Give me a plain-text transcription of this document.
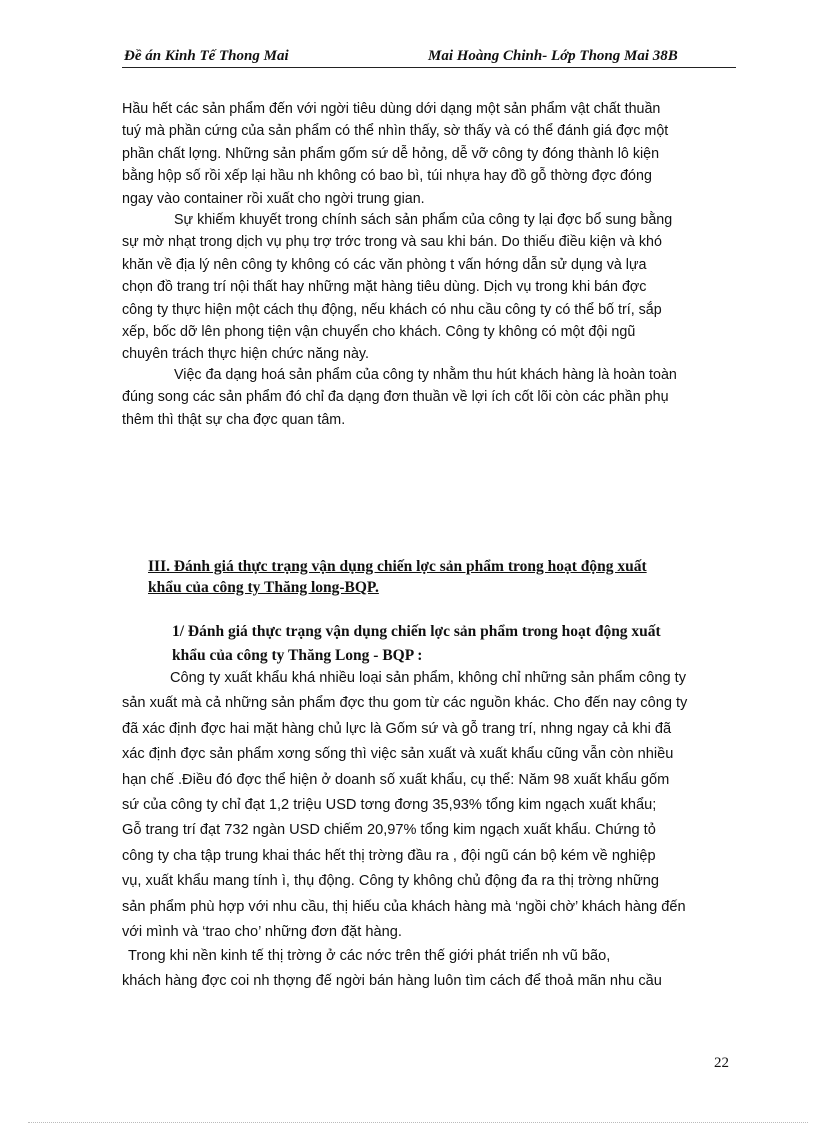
Đề án Kinh Tế Thong Mai	Mai Hoàng Chinh- Lớp Thong Mai 38B
Hầu hết các sản phẩm đến với ngời tiêu dùng dới dạng một sản phẩm vật chất thuần
tuý mà phần cứng của sản phẩm có thể nhìn thấy, sờ thấy và có thể đánh giá đợc một
phần chất lợng. Những sản phẩm gốm sứ dễ hỏng, dễ vỡ công ty đóng thành lô kiện
bằng hộp số rồi xếp lại hầu nh không có bao bì, túi nhựa hay đồ gỗ thờng đợc đóng
ngay vào container rồi xuất cho ngời trung gian.
Sự khiếm khuyết trong chính sách sản phẩm của công ty lại đợc bổ sung bằng
sự mờ nhạt trong dịch vụ phụ trợ trớc trong và sau khi bán. Do thiếu điều kiện và khó
khăn về địa lý nên công ty không có các văn phòng t vấn hớng dẫn sử dụng và lựa
chọn đồ trang trí nội thất hay những mặt hàng tiêu dùng. Dịch vụ trong khi bán đợc
công ty thực hiện một cách thụ động, nếu khách có nhu cầu công ty có thể bố trí, sắp
xếp, bốc dỡ lên phong tiện vận chuyển cho khách. Công ty không có một đội ngũ
chuyên trách thực hiện chức năng này.
Việc đa dạng hoá sản phẩm của công ty nhằm thu hút khách hàng là hoàn toàn
đúng song các sản phẩm đó chỉ đa dạng đơn thuần về lợi ích cốt lõi còn các phần phụ
thêm thì thật sự cha đợc quan tâm.
III. Đánh giá thực trạng vận dụng chiến lợc sản phẩm trong hoạt động xuất
khẩu của công ty Thăng long-BQP.
1/ Đánh giá thực trạng vận dụng chiến lợc sản phẩm trong hoạt động xuất
khẩu của công ty Thăng Long - BQP :
Công ty xuất khẩu khá nhiều loại sản phẩm, không chỉ những sản phẩm công ty
sản xuất mà cả những sản phẩm đợc thu gom từ các nguồn khác. Cho đến nay công ty
đã xác định đợc hai mặt hàng chủ lực là Gốm sứ và gỗ trang trí, nhng ngay cả khi đã
xác định đợc sản phẩm xơng sống thì việc sản xuất và xuất khẩu cũng vẫn còn nhiều
hạn chế .Điều đó đợc thể hiện ở doanh số xuất khẩu, cụ thể: Năm 98 xuất khẩu gốm
sứ của công ty chỉ đạt 1,2 triệu USD tơng đơng 35,93% tổng kim ngạch xuất khẩu;
Gỗ trang trí đạt 732 ngàn USD chiếm 20,97% tổng kim ngạch xuất khẩu. Chứng tỏ
công ty cha tập trung khai thác hết thị trờng đầu ra , đội ngũ cán bộ kém về nghiệp
vụ, xuất khẩu mang tính ì, thụ động. Công ty không chủ động đa ra thị trờng những
sản phẩm phù hợp với nhu cầu, thị hiếu của khách hàng mà ‘ngồi chờ’ khách hàng đến
với mình và ‘trao cho’ những đơn đặt hàng.
Trong khi nền kinh tế thị trờng ở các nớc trên thế giới phát triển nh vũ bão,
khách hàng đợc coi nh thợng đế ngời bán hàng luôn tìm cách để thoả mãn nhu cầu
22
